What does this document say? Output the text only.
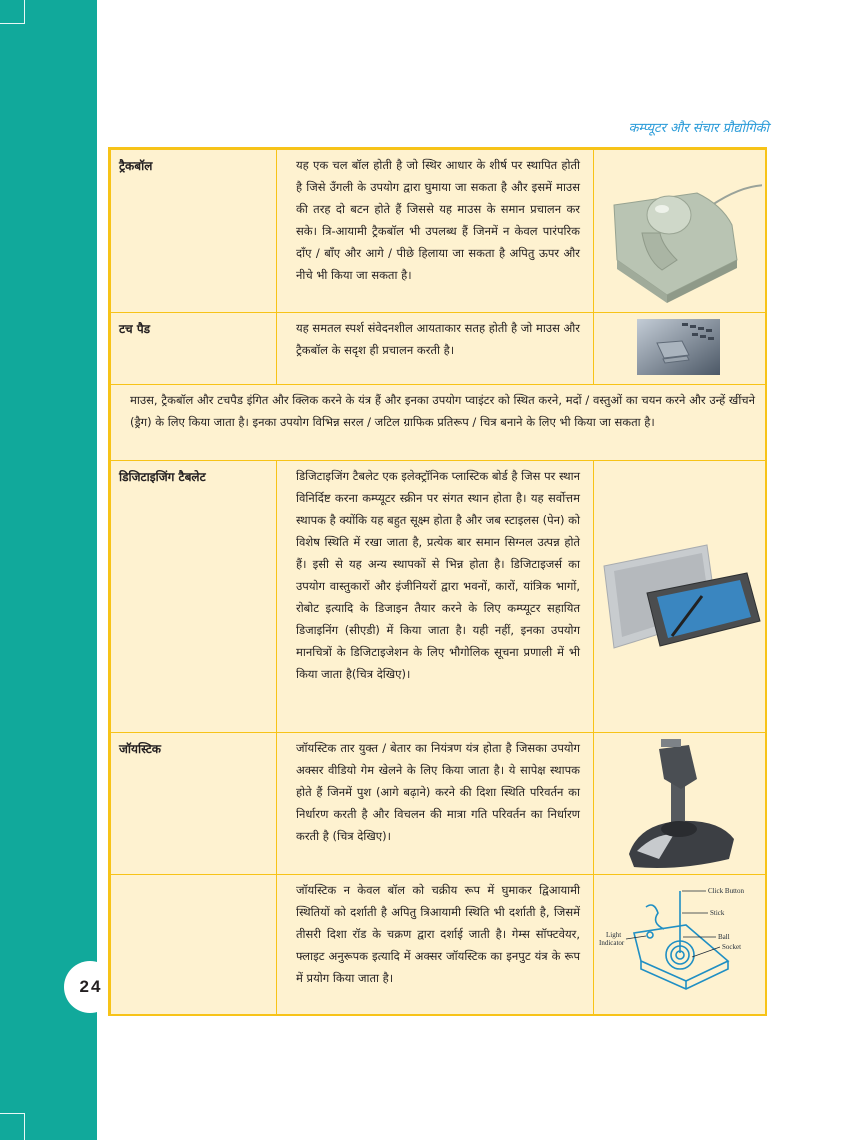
24
कम्प्यूटर और संचार प्रौद्योगिकी
ट्रैकबॉल	यह एक चल बॉल होती है जो स्थिर आधार के शीर्ष पर स्थापित होती है जिसे उँगली के उपयोग द्वारा घुमाया जा सकता है और इसमें माउस की तरह दो बटन होते हैं जिससे यह माउस के समान प्रचालन कर सके। त्रि-आयामी ट्रैकबॉल भी उपलब्ध हैं जिनमें न केवल पारंपरिक दाँए / बाँए और आगे / पीछे हिलाया जा सकता है अपितु ऊपर और नीचे भी किया जा सकता है।	

टच पैड	यह समतल स्पर्श संवेदनशील आयताकार सतह होती है जो माउस और ट्रैकबॉल के सदृश ही प्रचालन करती है।	

माउस, ट्रैकबॉल और टचपैड इंगित और क्लिक करने के यंत्र हैं और इनका उपयोग प्वाइंटर को स्थित करने, मदों / वस्तुओं का चयन करने और उन्हें खींचने (ड्रैग) के लिए किया जाता है। इनका उपयोग विभिन्न सरल / जटिल ग्राफिक प्रतिरूप / चित्र बनाने के लिए भी किया जा सकता है।		
डिजिटाइजिंग टैबलेट	डिजिटाइजिंग टैबलेट एक इलेक्ट्रॉनिक प्लास्टिक बोर्ड है जिस पर स्थान विनिर्दिष्ट करना कम्प्यूटर स्क्रीन पर संगत स्थान होता है। यह सर्वोत्तम स्थापक है क्योंकि यह बहुत सूक्ष्म होता है और जब स्टाइलस (पेन) को विशेष स्थिति में रखा जाता है, प्रत्येक बार समान सिग्नल उत्पन्न होते हैं। इसी से यह अन्य स्थापकों से भिन्न होता है। डिजिटाइजर्स का उपयोग वास्तुकारों और इंजीनियरों द्वारा भवनों, कारों, यांत्रिक भागों, रोबोट इत्यादि के डिजाइन तैयार करने के लिए कम्प्यूटर सहायित डिजाइनिंग (सीएडी) में किया जाता है। यही नहीं, इनका उपयोग मानचित्रों के डिजिटाइजेशन के लिए भौगोलिक सूचना प्रणाली में भी किया जाता है(चित्र देखिए)।	

जॉयस्टिक	जॉयस्टिक तार युक्त / बेतार का नियंत्रण यंत्र होता है जिसका उपयोग अक्सर वीडियो गेम खेलने के लिए किया जाता है। ये सापेक्ष स्थापक होते हैं जिनमें पुश (आगे बढ़ाने) करने की दिशा स्थिति परिवर्तन का निर्धारण करती है और विचलन की मात्रा गति परिवर्तन का निर्धारण करती है (चित्र देखिए)।	

	जॉयस्टिक न केवल बॉल को चक्रीय रूप में घुमाकर द्विआयामी स्थितियों को दर्शाती है अपितु त्रिआयामी स्थिति भी दर्शाती है, जिसमें तीसरी दिशा रॉड के चक्रण द्वारा दर्शाई जाती है। गेम्स सॉफ्टवेयर, फ्लाइट अनुरूपक इत्यादि में अक्सर जॉयस्टिक का इनपुट यंत्र के रूप में प्रयोग किया जाता है।	
Click Button
Stick
Ball
Socket
Light
Indicator
